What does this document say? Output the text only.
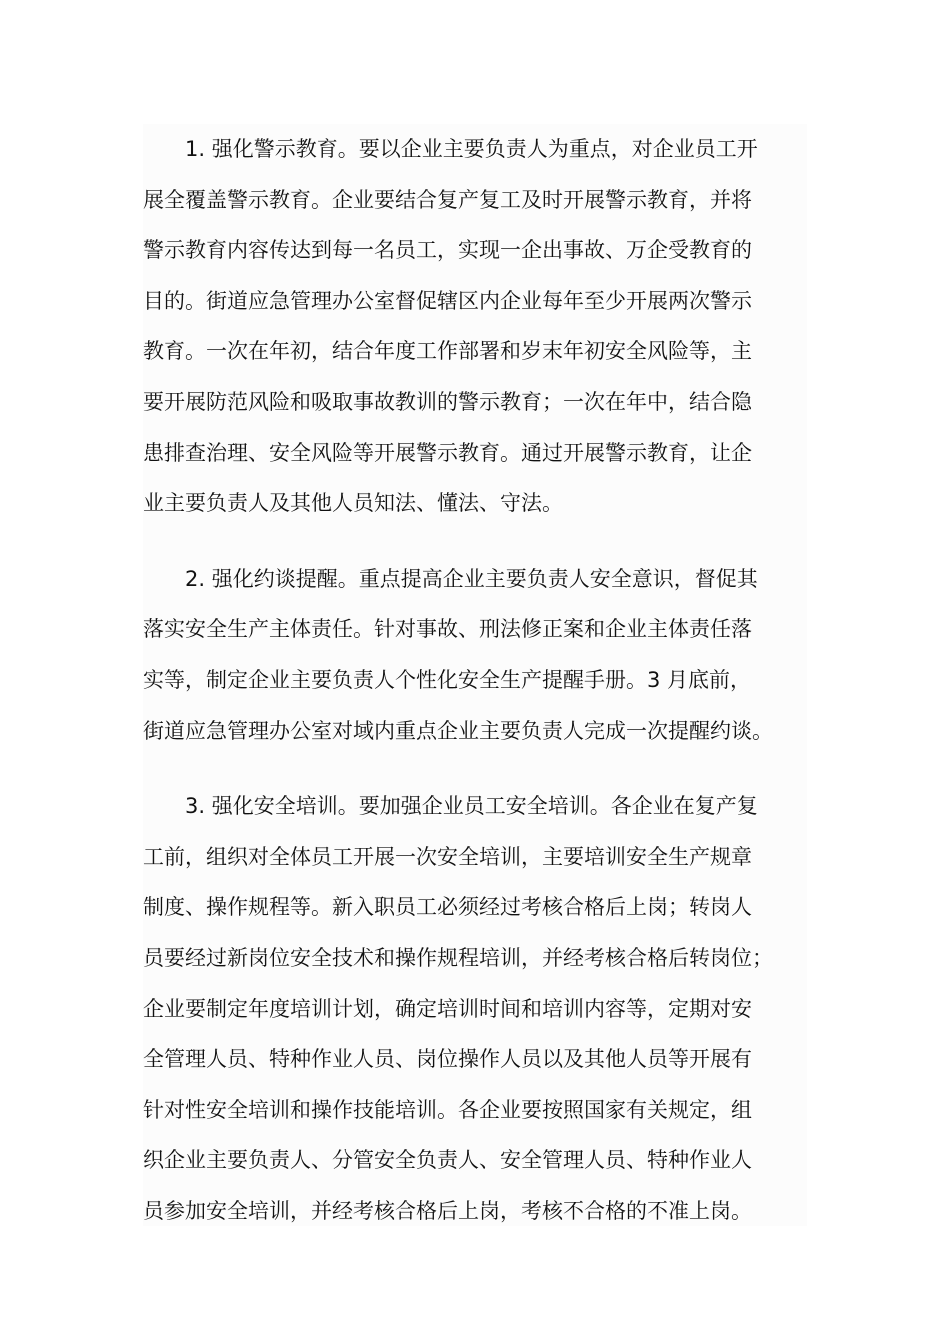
1. 强化警示教育。要以企业主要负责人为重点，对企业员工开
展全覆盖警示教育。企业要结合复产复工及时开展警示教育，并将
警示教育内容传达到每一名员工，实现一企出事故、万企受教育的
目的。街道应急管理办公室督促辖区内企业每年至少开展两次警示
教育。一次在年初，结合年度工作部署和岁末年初安全风险等，主
要开展防范风险和吸取事故教训的警示教育；一次在年中，结合隐
患排查治理、安全风险等开展警示教育。通过开展警示教育，让企
业主要负责人及其他人员知法、懂法、守法。
2. 强化约谈提醒。重点提高企业主要负责人安全意识，督促其
落实安全生产主体责任。针对事故、刑法修正案和企业主体责任落
实等，制定企业主要负责人个性化安全生产提醒手册。3 月底前，
街道应急管理办公室对域内重点企业主要负责人完成一次提醒约谈。
3. 强化安全培训。要加强企业员工安全培训。各企业在复产复
工前，组织对全体员工开展一次安全培训，主要培训安全生产规章
制度、操作规程等。新入职员工必须经过考核合格后上岗；转岗人
员要经过新岗位安全技术和操作规程培训，并经考核合格后转岗位；
企业要制定年度培训计划，确定培训时间和培训内容等，定期对安
全管理人员、特种作业人员、岗位操作人员以及其他人员等开展有
针对性安全培训和操作技能培训。各企业要按照国家有关规定，组
织企业主要负责人、分管安全负责人、安全管理人员、特种作业人
员参加安全培训，并经考核合格后上岗，考核不合格的不准上岗。
